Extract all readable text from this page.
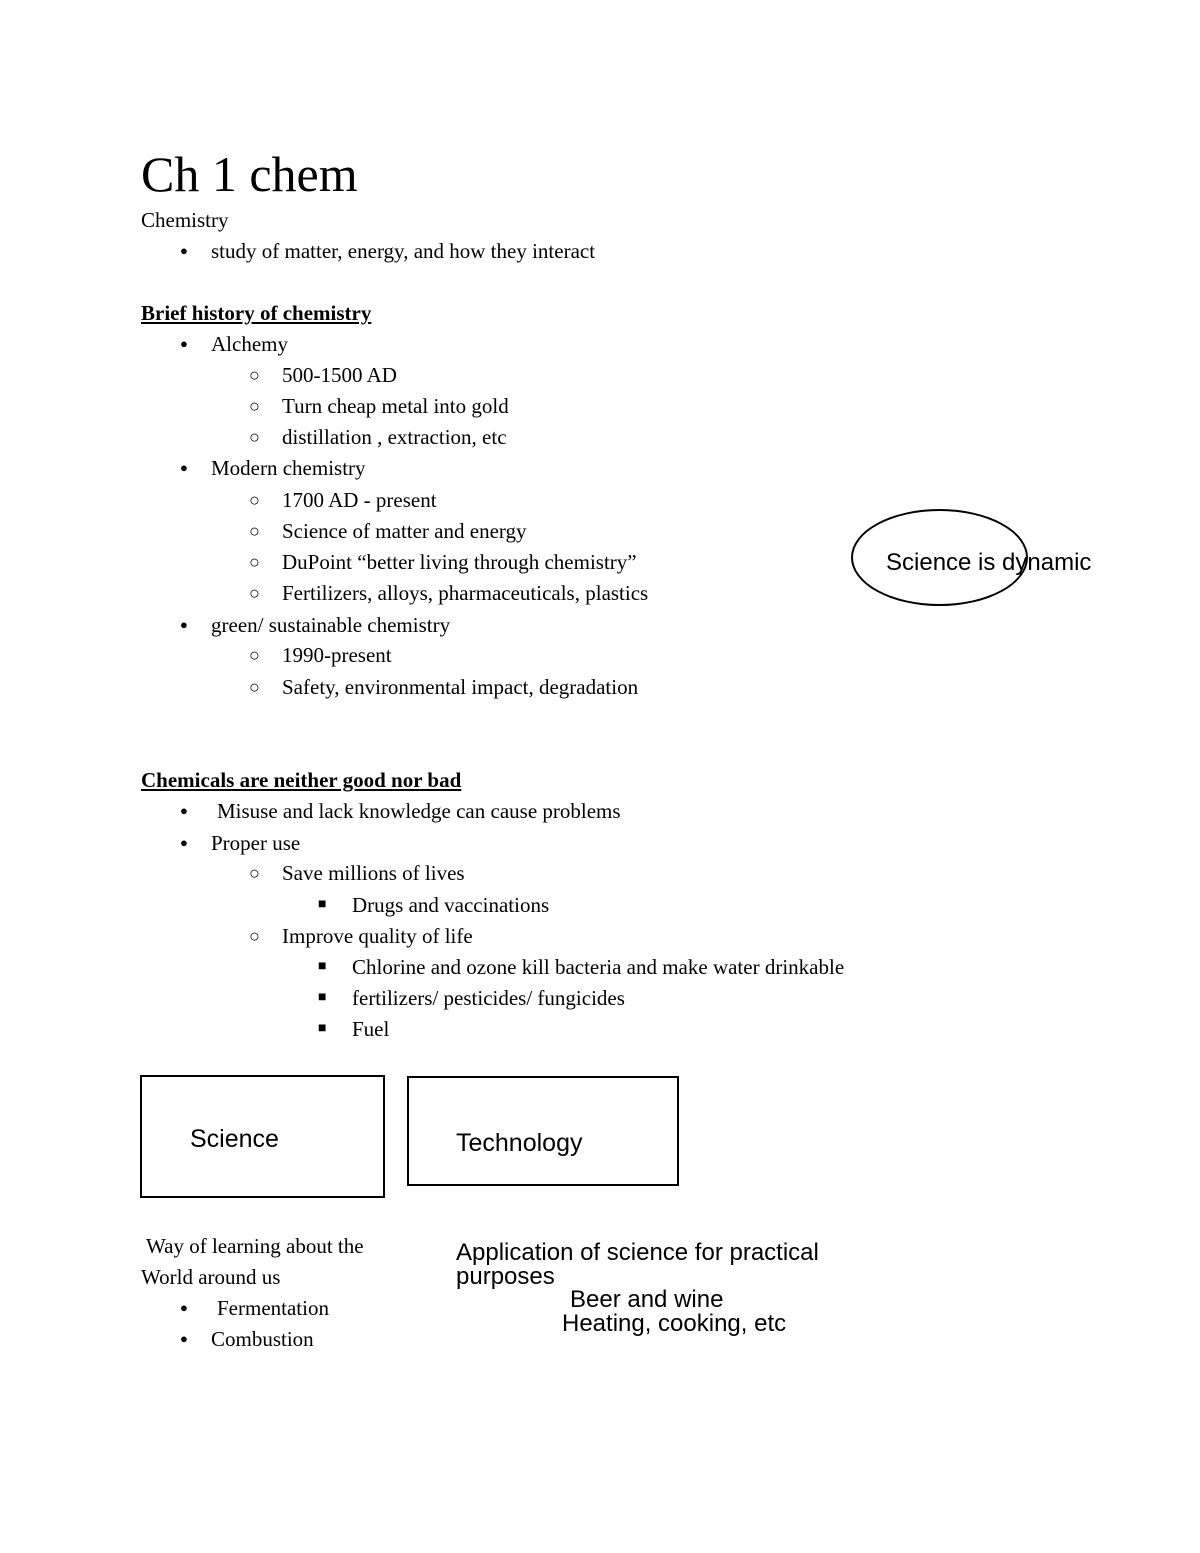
Ch 1 chem
Chemistry
● study of matter, energy, and how they interact
Brief history of chemistry
● Alchemy
○ 500-1500 AD
○ Turn cheap metal into gold
○ distillation , extraction, etc
● Modern chemistry
○ 1700 AD - present
○ Science of matter and energy
○ DuPoint “better living through chemistry”
○ Fertilizers, alloys, pharmaceuticals, plastics
● green/ sustainable chemistry
○ 1990-present
○ Safety, environmental impact, degradation
Science is dynamic
Chemicals are neither good nor bad
● Misuse and lack knowledge can cause problems
● Proper use
○ Save millions of lives
■ Drugs and vaccinations
○ Improve quality of life
■ Chlorine and ozone kill bacteria and make water drinkable
■ fertilizers/ pesticides/ fungicides
■ Fuel
Science	Technology
Way of learning about the
World around us
● Fermentation
● Combustion
Application of science for practical
purposes
Beer and wine
Heating, cooking, etc
